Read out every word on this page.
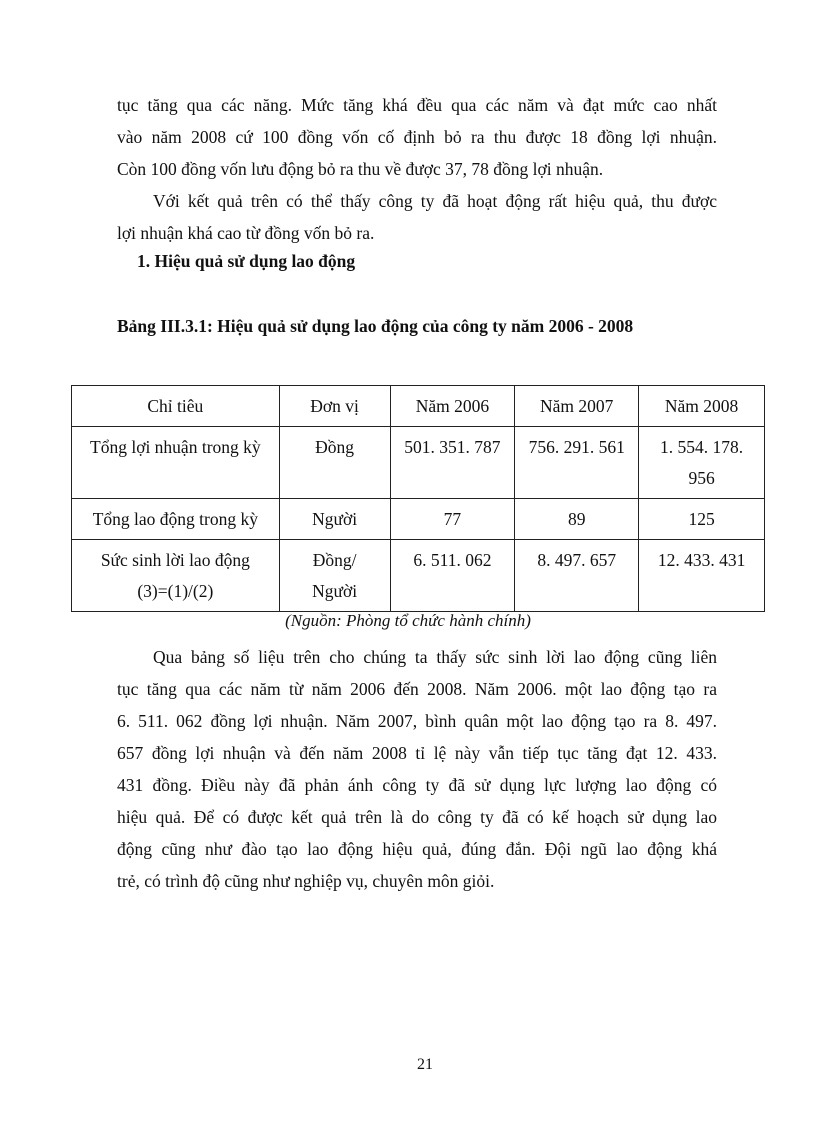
tục tăng qua các năng. Mức tăng khá đều qua các năm và đạt mức cao nhất
vào năm 2008 cứ 100 đồng vốn cố định bỏ ra thu được 18 đồng lợi nhuận.
Còn 100 đồng vốn lưu động bỏ ra thu về được 37, 78 đồng lợi nhuận.

Với kết quả trên có thể thấy công ty đã hoạt động rất hiệu quả, thu được
lợi nhuận khá cao từ đồng vốn bỏ ra.

1. Hiệu quả sử dụng lao động

Bảng III.3.1: Hiệu quả sử dụng lao động của công ty năm 2006 - 2008

Chỉ tiêu	Đơn vị	Năm 2006	Năm 2007	Năm 2008
Tổng lợi nhuận trong kỳ	Đồng	501. 351. 787	756. 291. 561	1. 554. 178.
956

Tổng lao động trong kỳ	Người	77	89	125

Sức sinh lời lao động
(3)=(1)/(2)	Đồng/
Người	6. 511. 062	8. 497. 657	12. 433. 431

(Nguồn: Phòng tổ chức hành chính)

Qua bảng số liệu trên cho chúng ta thấy sức sinh lời lao động cũng liên
tục tăng qua các năm từ năm 2006 đến 2008. Năm 2006. một lao động tạo ra
6. 511. 062 đồng lợi nhuận. Năm 2007, bình quân một lao động tạo ra 8. 497.
657 đồng lợi nhuận và đến năm 2008 tỉ lệ này vẫn tiếp tục tăng đạt 12. 433.
431 đồng. Điều này đã phản ánh công ty đã sử dụng lực lượng lao động có
hiệu quả. Để có được kết quả trên là do công ty đã có kế hoạch sử dụng lao
động cũng như đào tạo lao động hiệu quả, đúng đắn. Đội ngũ lao động khá
trẻ, có trình độ cũng như nghiệp vụ, chuyên môn giỏi.

21
